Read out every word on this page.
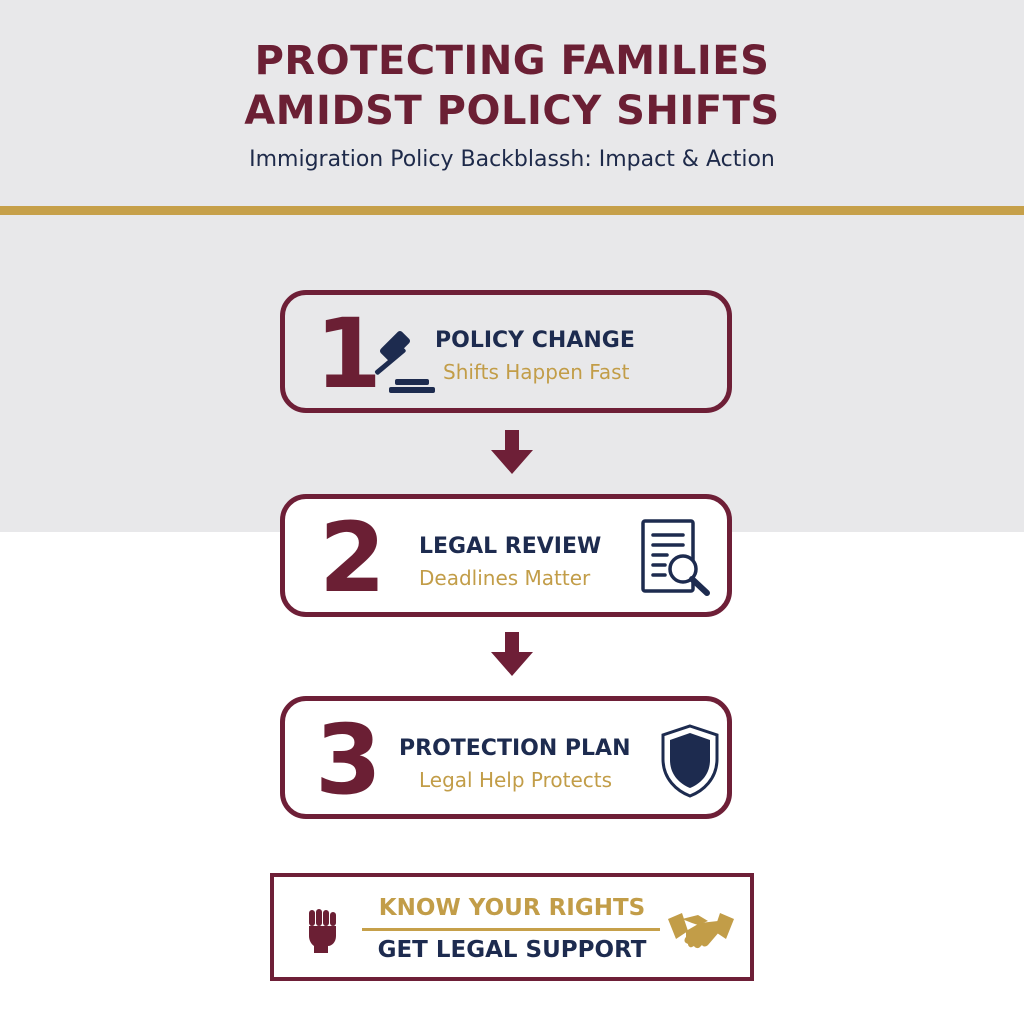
PROTECTING FAMILIES
AMIDST POLICY SHIFTS
Immigration Policy Backblassh: Impact & Action
1 POLICY CHANGE
Shifts Happen Fast
2 LEGAL REVIEW
Deadlines Matter
3 PROTECTION PLAN
Legal Help Protects
KNOW YOUR RIGHTS
GET LEGAL SUPPORT
